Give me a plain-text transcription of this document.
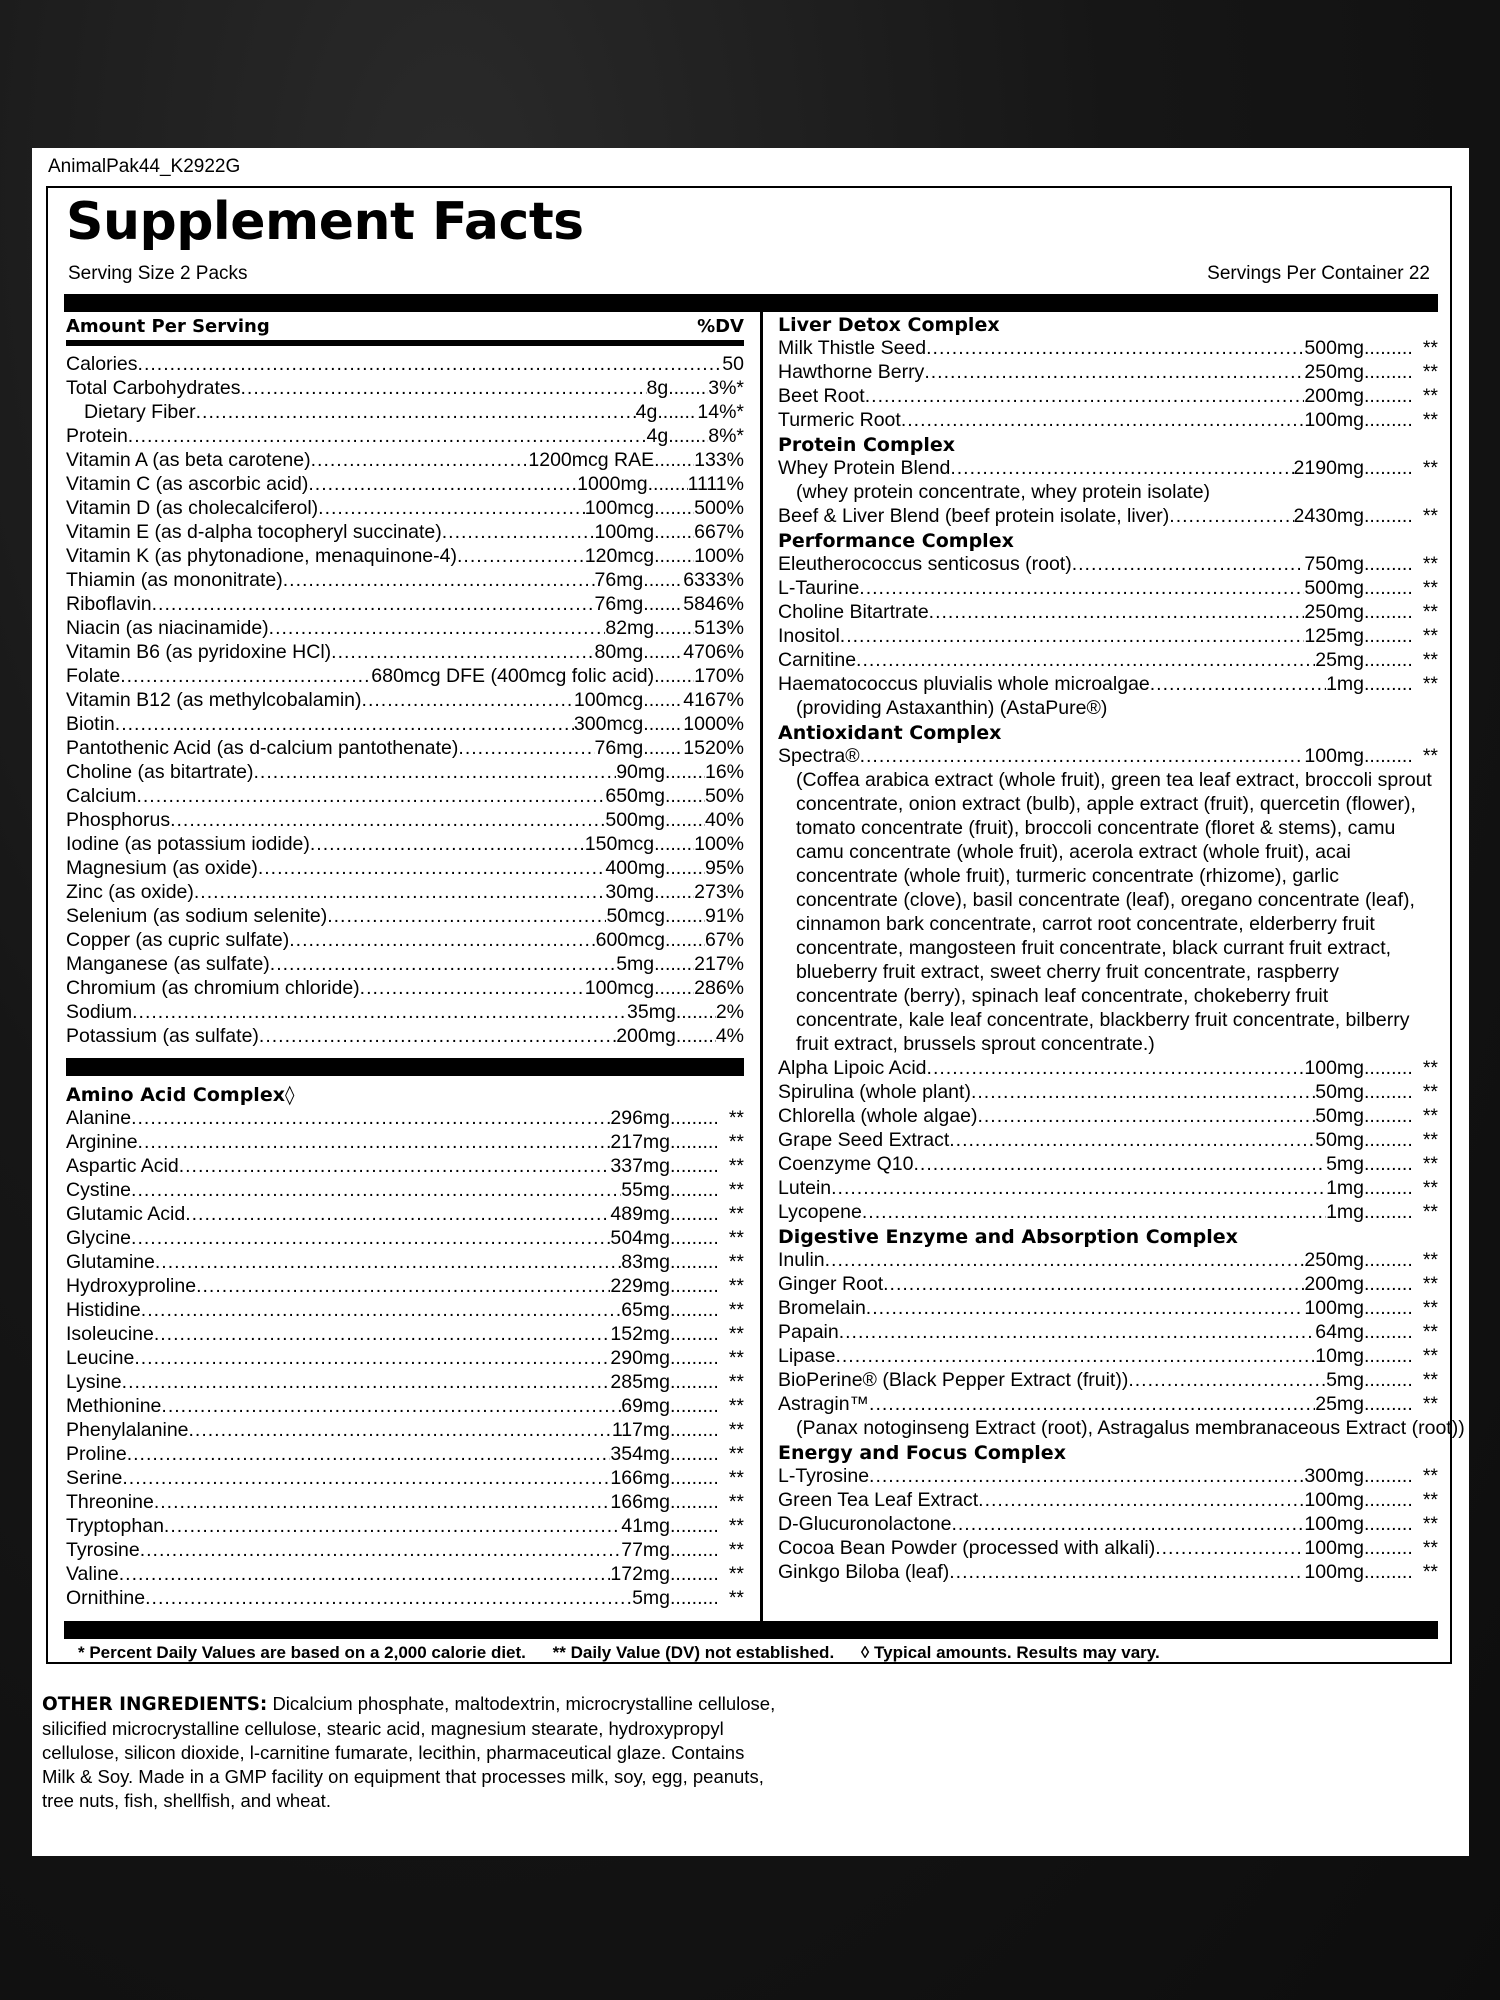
AnimalPak44_K2922G
Supplement Facts
Serving Size 2 Packs	Servings Per Container 22
Amount Per Serving	%DV
Calories .....	50
Total Carbohydrates .....	8g ..... 3%*
Dietary Fiber .....	4g ..... 14%*
Protein .....	4g ..... 8%*
Vitamin A (as beta carotene) .....	1200mcg RAE ..... 133%
Vitamin C (as ascorbic acid) .....	1000mg ..... 1111%
Vitamin D (as cholecalciferol) .....	100mcg ..... 500%
Vitamin E (as d-alpha tocopheryl succinate) .....	100mg ..... 667%
Vitamin K (as phytonadione, menaquinone-4) .....	120mcg ..... 100%
Thiamin (as mononitrate) .....	76mg ..... 6333%
Riboflavin .....	76mg ..... 5846%
Niacin (as niacinamide) .....	82mg ..... 513%
Vitamin B6 (as pyridoxine HCl) .....	80mg ..... 4706%
Folate .....	680mcg DFE (400mcg folic acid) ..... 170%
Vitamin B12 (as methylcobalamin) .....	100mcg ..... 4167%
Biotin .....	300mcg ..... 1000%
Pantothenic Acid (as d-calcium pantothenate) .....	76mg ..... 1520%
Choline (as bitartrate) .....	90mg ..... 16%
Calcium .....	650mg ..... 50%
Phosphorus .....	500mg ..... 40%
Iodine (as potassium iodide) .....	150mcg ..... 100%
Magnesium (as oxide) .....	400mg ..... 95%
Zinc (as oxide) .....	30mg ..... 273%
Selenium (as sodium selenite) .....	50mcg ..... 91%
Copper (as cupric sulfate) .....	600mcg ..... 67%
Manganese (as sulfate) .....	5mg ..... 217%
Chromium (as chromium chloride) .....	100mcg ..... 286%
Sodium .....	35mg ..... 2%
Potassium (as sulfate) .....	200mg ..... 4%
Amino Acid Complex◊
Alanine .....	296mg .....	**
Arginine .....	217mg .....	**
Aspartic Acid .....	337mg .....	**
Cystine .....	55mg .....	**
Glutamic Acid .....	489mg .....	**
Glycine .....	504mg .....	**
Glutamine .....	83mg .....	**
Hydroxyproline .....	229mg .....	**
Histidine .....	65mg .....	**
Isoleucine .....	152mg .....	**
Leucine .....	290mg .....	**
Lysine .....	285mg .....	**
Methionine .....	69mg .....	**
Phenylalanine .....	117mg .....	**
Proline .....	354mg .....	**
Serine .....	166mg .....	**
Threonine .....	166mg .....	**
Tryptophan .....	41mg .....	**
Tyrosine .....	77mg .....	**
Valine .....	172mg .....	**
Ornithine .....	5mg .....	**
Liver Detox Complex
Milk Thistle Seed .....	500mg .....	**
Hawthorne Berry .....	250mg .....	**
Beet Root .....	200mg .....	**
Turmeric Root .....	100mg .....	**
Protein Complex
Whey Protein Blend .....	2190mg .....	**
(whey protein concentrate, whey protein isolate)
Beef & Liver Blend (beef protein isolate, liver) .....	2430mg .....	**
Performance Complex
Eleutherococcus senticosus (root) .....	750mg .....	**
L-Taurine .....	500mg .....	**
Choline Bitartrate .....	250mg .....	**
Inositol .....	125mg .....	**
Carnitine .....	25mg .....	**
Haematococcus pluvialis whole microalgae .....	1mg .....	**
(providing Astaxanthin) (AstaPure®)
Antioxidant Complex
Spectra® .....	100mg .....	**
(Coffea arabica extract (whole fruit), green tea leaf extract, broccoli sprout concentrate, onion extract (bulb), apple extract (fruit), quercetin (flower), tomato concentrate (fruit), broccoli concentrate (floret & stems), camu camu concentrate (whole fruit), acerola extract (whole fruit), acai concentrate (whole fruit), turmeric concentrate (rhizome), garlic concentrate (clove), basil concentrate (leaf), oregano concentrate (leaf), cinnamon bark concentrate, carrot root concentrate, elderberry fruit concentrate, mangosteen fruit concentrate, black currant fruit extract, blueberry fruit extract, sweet cherry fruit concentrate, raspberry concentrate (berry), spinach leaf concentrate, chokeberry fruit concentrate, kale leaf concentrate, blackberry fruit concentrate, bilberry fruit extract, brussels sprout concentrate.)
Alpha Lipoic Acid .....	100mg .....	**
Spirulina (whole plant) .....	50mg .....	**
Chlorella (whole algae) .....	50mg .....	**
Grape Seed Extract .....	50mg .....	**
Coenzyme Q10 .....	5mg .....	**
Lutein .....	1mg .....	**
Lycopene .....	1mg .....	**
Digestive Enzyme and Absorption Complex
Inulin .....	250mg .....	**
Ginger Root .....	200mg .....	**
Bromelain .....	100mg .....	**
Papain .....	64mg .....	**
Lipase .....	10mg .....	**
BioPerine® (Black Pepper Extract (fruit)) .....	5mg .....	**
Astragin™ .....	25mg .....	**
(Panax notoginseng Extract (root), Astragalus membranaceous Extract (root))
Energy and Focus Complex
L-Tyrosine .....	300mg .....	**
Green Tea Leaf Extract .....	100mg .....	**
D-Glucuronolactone .....	100mg .....	**
Cocoa Bean Powder (processed with alkali) .....	100mg .....	**
Ginkgo Biloba (leaf) .....	100mg .....	**
* Percent Daily Values are based on a 2,000 calorie diet. ** Daily Value (DV) not established. ◊ Typical amounts. Results may vary.
OTHER INGREDIENTS: Dicalcium phosphate, maltodextrin, microcrystalline cellulose, silicified microcrystalline cellulose, stearic acid, magnesium stearate, hydroxypropyl cellulose, silicon dioxide, l-carnitine fumarate, lecithin, pharmaceutical glaze. Contains Milk & Soy. Made in a GMP facility on equipment that processes milk, soy, egg, peanuts, tree nuts, fish, shellfish, and wheat.
